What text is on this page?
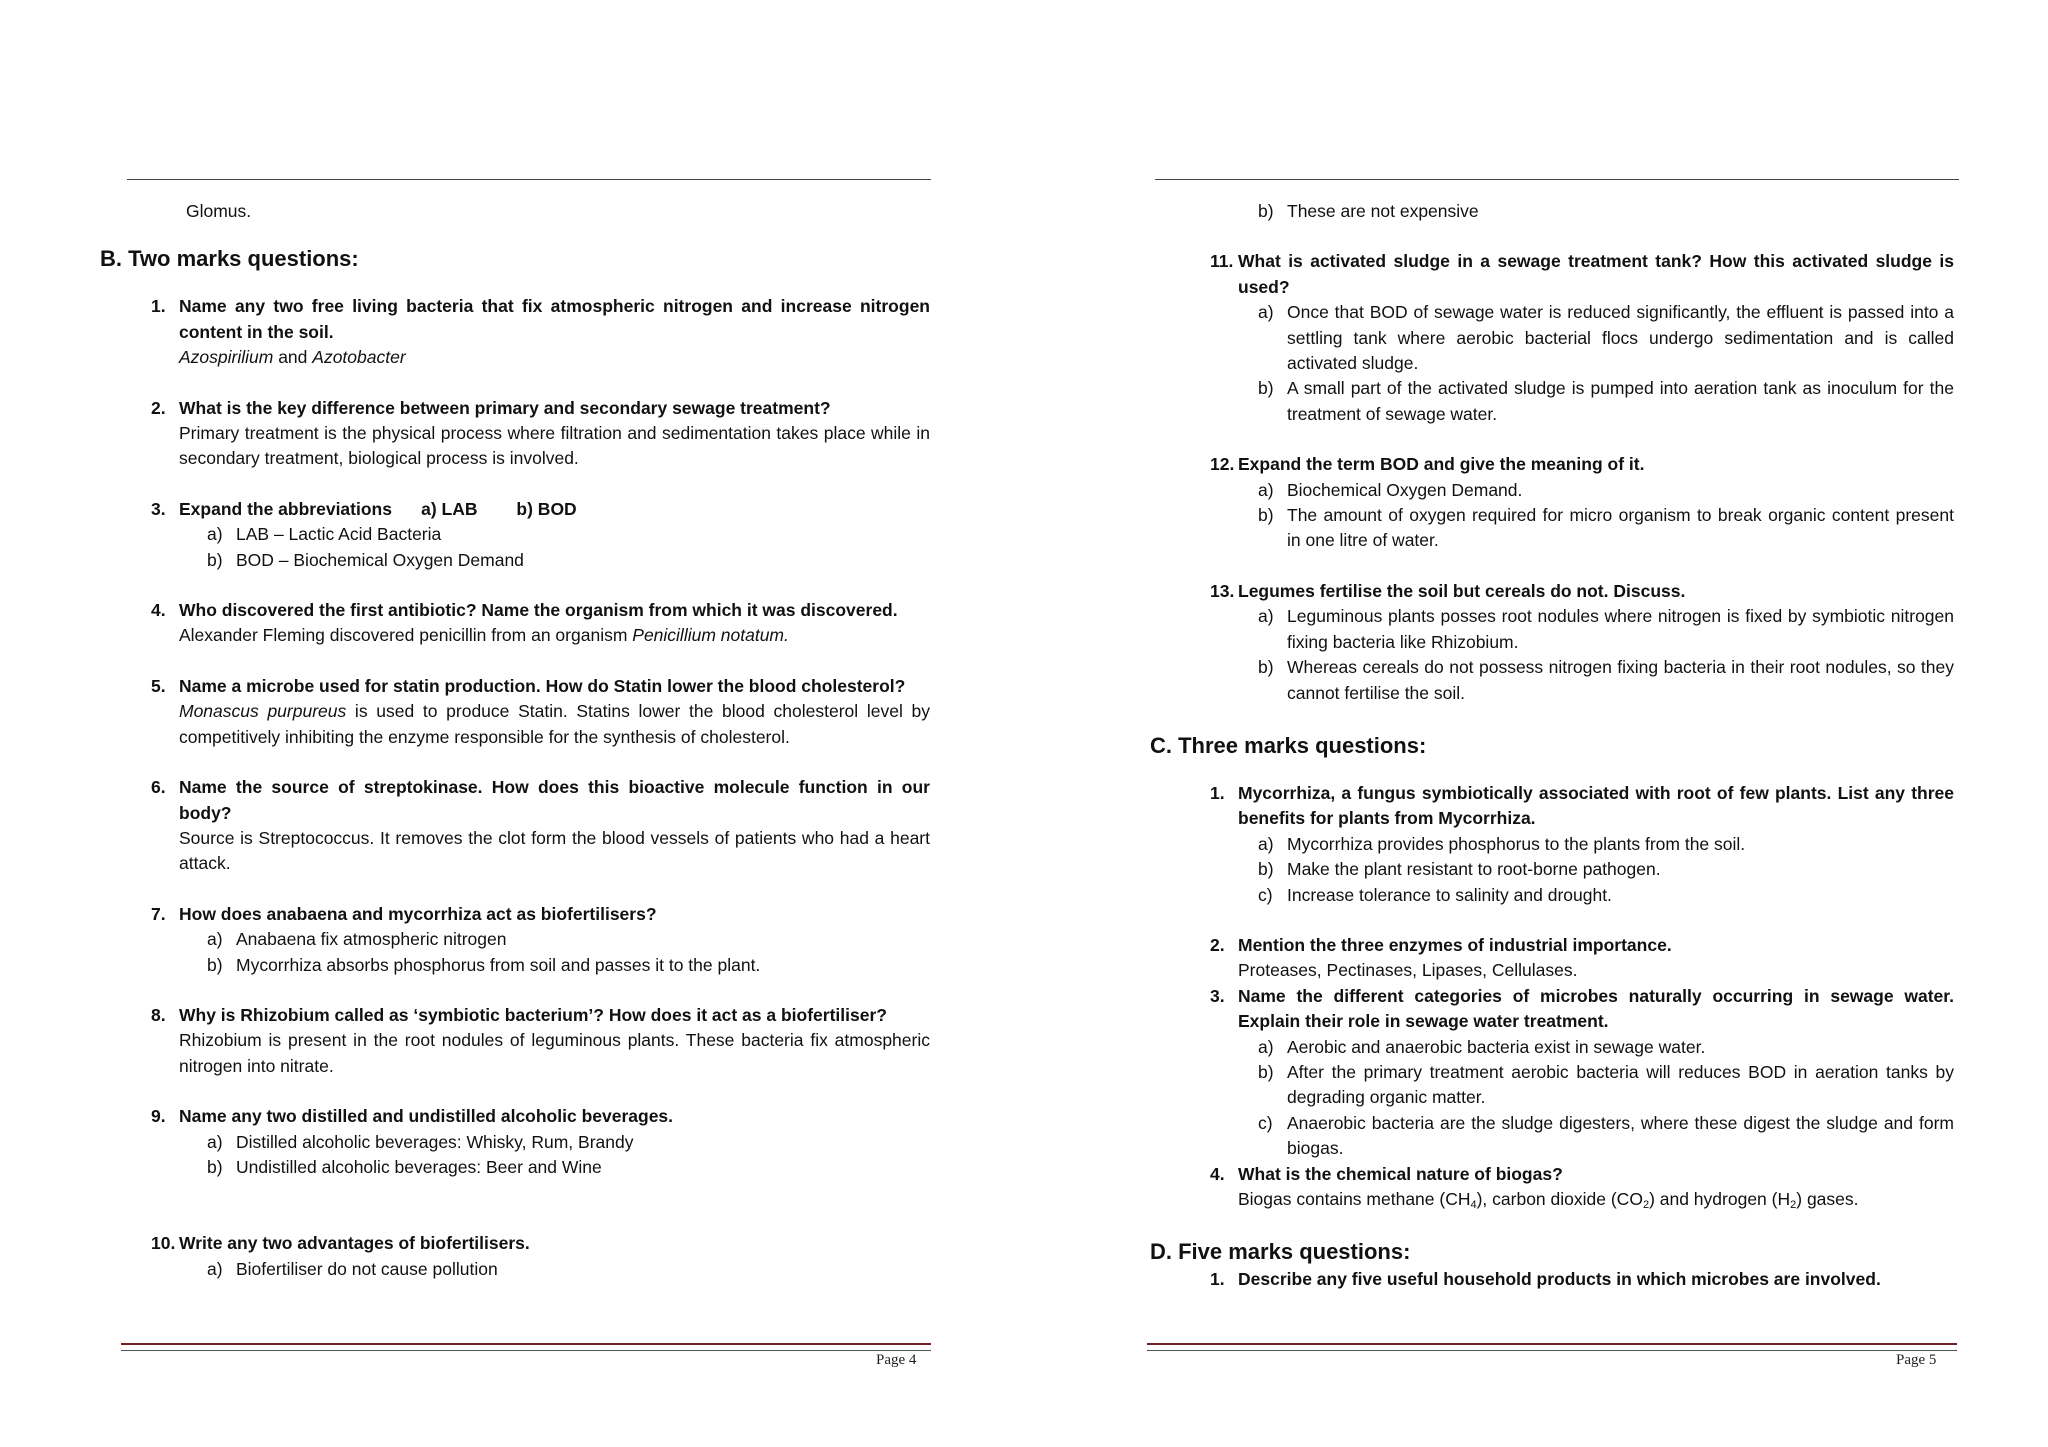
Glomus.
B. Two marks questions:
1. Name any two free living bacteria that fix atmospheric nitrogen and increase nitrogen content in the soil.
Azospirilium and Azotobacter
2. What is the key difference between primary and secondary sewage treatment?
Primary treatment is the physical process where filtration and sedimentation takes place while in secondary treatment, biological process is involved.
3. Expand the abbreviations      a) LAB        b) BOD
a) LAB – Lactic Acid Bacteria
b) BOD – Biochemical Oxygen Demand
4. Who discovered the first antibiotic? Name the organism from which it was discovered.
Alexander Fleming discovered penicillin from an organism Penicillium notatum.
5. Name a microbe used for statin production. How do Statin lower the blood cholesterol?
Monascus purpureus is used to produce Statin. Statins lower the blood cholesterol level by competitively inhibiting the enzyme responsible for the synthesis of cholesterol.
6. Name the source of streptokinase. How does this bioactive molecule function in our body?
Source is Streptococcus. It removes the clot form the blood vessels of patients who had a heart attack.
7. How does anabaena and mycorrhiza act as biofertilisers?
a) Anabaena fix atmospheric nitrogen
b) Mycorrhiza absorbs phosphorus from soil and passes it to the plant.
8. Why is Rhizobium called as ‘symbiotic bacterium’? How does it act as a biofertiliser?
Rhizobium is present in the root nodules of leguminous plants. These bacteria fix atmospheric nitrogen into nitrate.
9. Name any two distilled and undistilled alcoholic beverages.
a) Distilled alcoholic beverages: Whisky, Rum, Brandy
b) Undistilled alcoholic beverages: Beer and Wine
10. Write any two advantages of biofertilisers.
a) Biofertiliser do not cause pollution
Page 4
b) These are not expensive
11. What is activated sludge in a sewage treatment tank? How this activated sludge is used?
a) Once that BOD of sewage water is reduced significantly, the effluent is passed into a settling tank where aerobic bacterial flocs undergo sedimentation and is called activated sludge.
b) A small part of the activated sludge is pumped into aeration tank as inoculum for the treatment of sewage water.
12. Expand the term BOD and give the meaning of it.
a) Biochemical Oxygen Demand.
b) The amount of oxygen required for micro organism to break organic content present in one litre of water.
13. Legumes fertilise the soil but cereals do not. Discuss.
a) Leguminous plants posses root nodules where nitrogen is fixed by symbiotic nitrogen fixing bacteria like Rhizobium.
b) Whereas cereals do not possess nitrogen fixing bacteria in their root nodules, so they cannot fertilise the soil.
C. Three marks questions:
1. Mycorrhiza, a fungus symbiotically associated with root of few plants. List any three benefits for plants from Mycorrhiza.
a) Mycorrhiza provides phosphorus to the plants from the soil.
b) Make the plant resistant to root-borne pathogen.
c) Increase tolerance to salinity and drought.
2. Mention the three enzymes of industrial importance.
Proteases, Pectinases, Lipases, Cellulases.
3. Name the different categories of microbes naturally occurring in sewage water. Explain their role in sewage water treatment.
a) Aerobic and anaerobic bacteria exist in sewage water.
b) After the primary treatment aerobic bacteria will reduces BOD in aeration tanks by degrading organic matter.
c) Anaerobic bacteria are the sludge digesters, where these digest the sludge and form biogas.
4. What is the chemical nature of biogas?
Biogas contains methane $(CH_4)$, carbon dioxide $(CO_2)$ and hydrogen $(H_2)$ gases.
D. Five marks questions:
1. Describe any five useful household products in which microbes are involved.
Page 5
